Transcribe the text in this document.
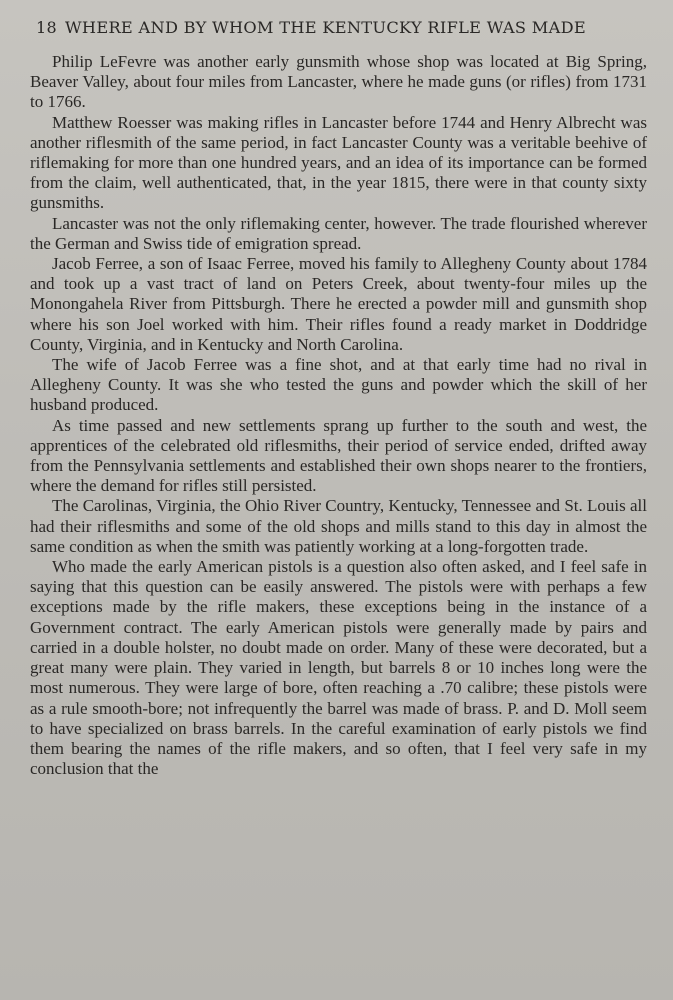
18 WHERE AND BY WHOM THE KENTUCKY RIFLE WAS MADE

Philip LeFevre was another early gunsmith whose shop was located at Big Spring, Beaver Valley, about four miles from Lancaster, where he made guns (or rifles) from 1731 to 1766.

Matthew Roesser was making rifles in Lancaster before 1744 and Henry Albrecht was another riflesmith of the same period, in fact Lancaster County was a veritable beehive of riflemaking for more than one hundred years, and an idea of its importance can be formed from the claim, well authenticated, that, in the year 1815, there were in that county sixty gunsmiths.

Lancaster was not the only riflemaking center, however. The trade flourished wherever the German and Swiss tide of emigration spread.

Jacob Ferree, a son of Isaac Ferree, moved his family to Allegheny County about 1784 and took up a vast tract of land on Peters Creek, about twenty-four miles up the Monongahela River from Pittsburgh. There he erected a powder mill and gunsmith shop where his son Joel worked with him. Their rifles found a ready market in Doddridge County, Virginia, and in Kentucky and North Carolina.

The wife of Jacob Ferree was a fine shot, and at that early time had no rival in Allegheny County. It was she who tested the guns and powder which the skill of her husband produced.

As time passed and new settlements sprang up further to the south and west, the apprentices of the celebrated old riflesmiths, their period of service ended, drifted away from the Pennsylvania settlements and established their own shops nearer to the frontiers, where the demand for rifles still persisted.

The Carolinas, Virginia, the Ohio River Country, Kentucky, Tennessee and St. Louis all had their riflesmiths and some of the old shops and mills stand to this day in almost the same condition as when the smith was patiently working at a long-forgotten trade.

Who made the early American pistols is a question also often asked, and I feel safe in saying that this question can be easily answered. The pistols were with perhaps a few exceptions made by the rifle makers, these exceptions being in the instance of a Government contract. The early American pistols were generally made by pairs and carried in a double holster, no doubt made on order. Many of these were decorated, but a great many were plain. They varied in length, but barrels 8 or 10 inches long were the most numerous. They were large of bore, often reaching a .70 calibre; these pistols were as a rule smooth-bore; not infrequently the barrel was made of brass. P. and D. Moll seem to have specialized on brass barrels. In the careful examination of early pistols we find them bearing the names of the rifle makers, and so often, that I feel very safe in my conclusion that the
